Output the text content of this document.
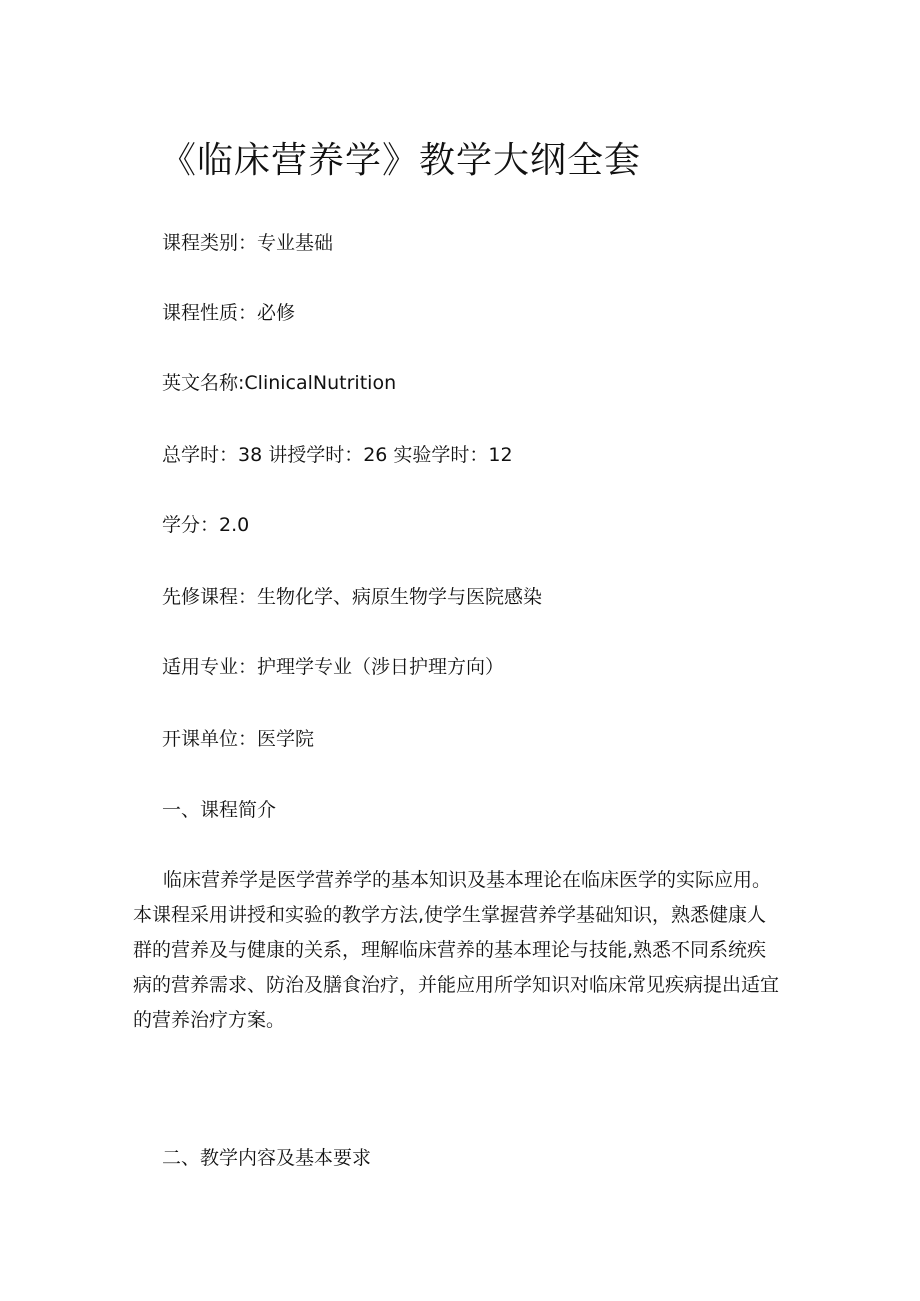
《临床营养学》教学大纲全套
课程类别：专业基础
课程性质：必修
英文名称:ClinicalNutrition
总学时：38 讲授学时：26 实验学时：12
学分：2.0
先修课程：生物化学、病原生物学与医院感染
适用专业：护理学专业（涉日护理方向）
开课单位：医学院
一、课程简介

临床营养学是医学营养学的基本知识及基本理论在临床医学的实际应用。本课程采用讲授和实验的教学方法,使学生掌握营养学基础知识，熟悉健康人群的营养及与健康的关系，理解临床营养的基本理论与技能,熟悉不同系统疾病的营养需求、防治及膳食治疗，并能应用所学知识对临床常见疾病提出适宜的营养治疗方案。

二、教学内容及基本要求
